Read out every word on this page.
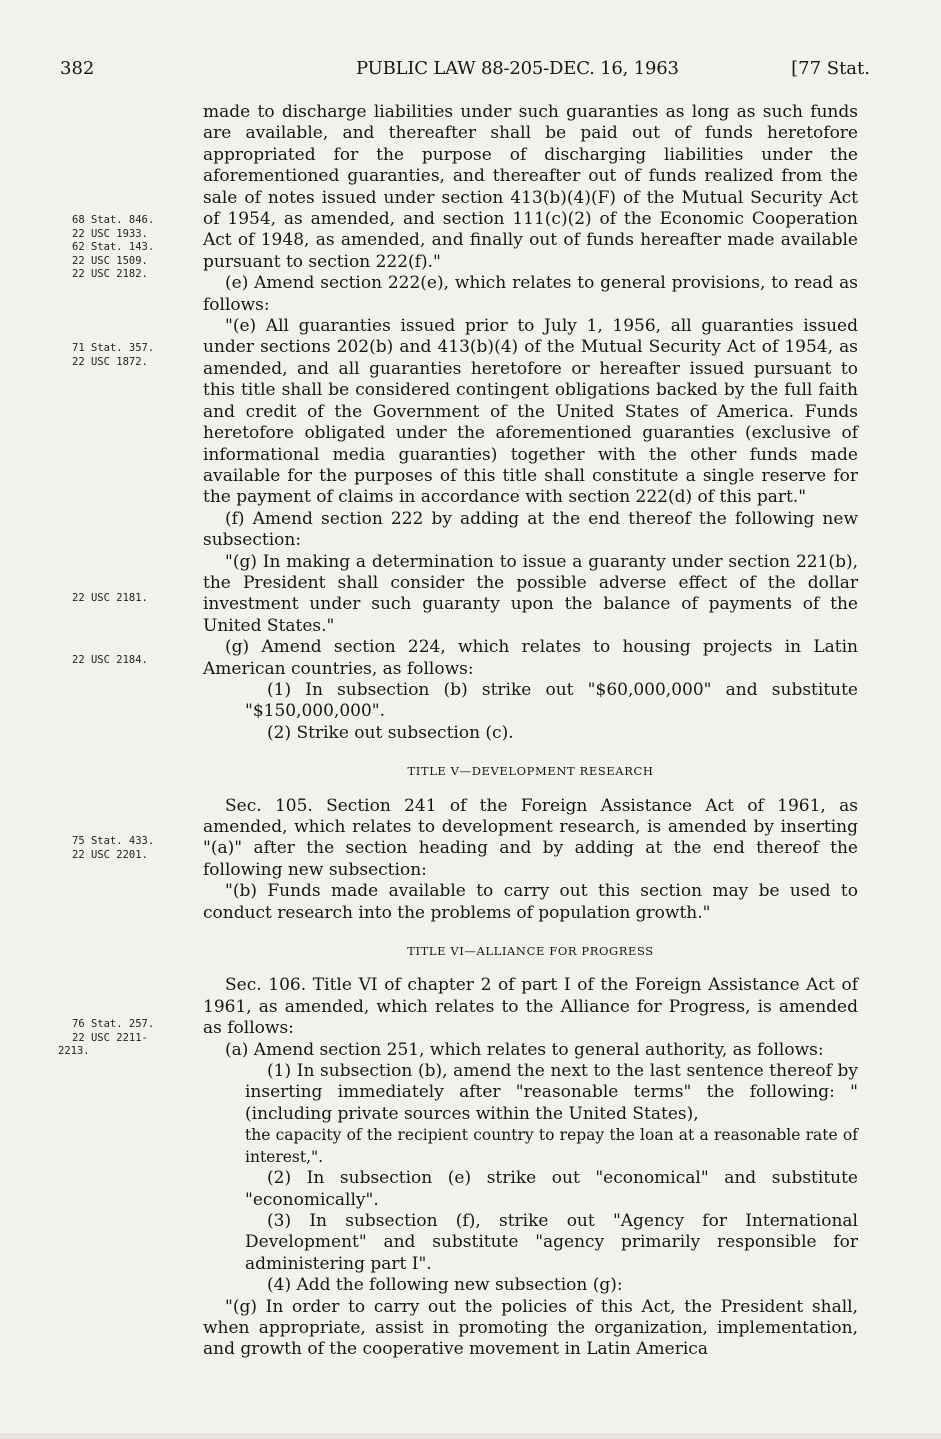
382	PUBLIC LAW 88-205-DEC. 16, 1963	[77 Stat.
68 Stat. 846.
22 USC 1933.
62 Stat. 143.
22 USC 1509.
22 USC 2182.
71 Stat. 357.
22 USC 1872.
22 USC 2181.
22 USC 2184.
75 Stat. 433.
22 USC 2201.
76 Stat. 257.
22 USC 2211-
2213.

made to discharge liabilities under such guaranties as long as such funds are available, and thereafter shall be paid out of funds heretofore appropriated for the purpose of discharging liabilities under the aforementioned guaranties, and thereafter out of funds realized from the sale of notes issued under section 413(b)(4)(F) of the Mutual Security Act of 1954, as amended, and section 111(c)(2) of the Economic Cooperation Act of 1948, as amended, and finally out of funds hereafter made available pursuant to section 222(f)."

(e) Amend section 222(e), which relates to general provisions, to read as follows:

"(e) All guaranties issued prior to July 1, 1956, all guaranties issued under sections 202(b) and 413(b)(4) of the Mutual Security Act of 1954, as amended, and all guaranties heretofore or hereafter issued pursuant to this title shall be considered contingent obligations backed by the full faith and credit of the Government of the United States of America. Funds heretofore obligated under the aforementioned guaranties (exclusive of informational media guaranties) together with the other funds made available for the purposes of this title shall constitute a single reserve for the payment of claims in accordance with section 222(d) of this part."

(f) Amend section 222 by adding at the end thereof the following new subsection:

"(g) In making a determination to issue a guaranty under section 221(b), the President shall consider the possible adverse effect of the dollar investment under such guaranty upon the balance of payments of the United States."

(g) Amend section 224, which relates to housing projects in Latin American countries, as follows:

(1) In subsection (b) strike out "$60,000,000" and substitute "$150,000,000".

(2) Strike out subsection (c).

TITLE V—DEVELOPMENT RESEARCH

Sec. 105. Section 241 of the Foreign Assistance Act of 1961, as amended, which relates to development research, is amended by inserting "(a)" after the section heading and by adding at the end thereof the following new subsection:

"(b) Funds made available to carry out this section may be used to conduct research into the problems of population growth."

TITLE VI—ALLIANCE FOR PROGRESS

Sec. 106. Title VI of chapter 2 of part I of the Foreign Assistance Act of 1961, as amended, which relates to the Alliance for Progress, is amended as follows:

(a) Amend section 251, which relates to general authority, as follows:

(1) In subsection (b), amend the next to the last sentence thereof by inserting immediately after "reasonable terms" the following: "(including private sources within the United States),

the capacity of the recipient country to repay the loan at a reasonable rate of interest,".

(2) In subsection (e) strike out "economical" and substitute "economically".

(3) In subsection (f), strike out "Agency for International Development" and substitute "agency primarily responsible for administering part I".

(4) Add the following new subsection (g):

"(g) In order to carry out the policies of this Act, the President shall, when appropriate, assist in promoting the organization, implementation, and growth of the cooperative movement in Latin America
